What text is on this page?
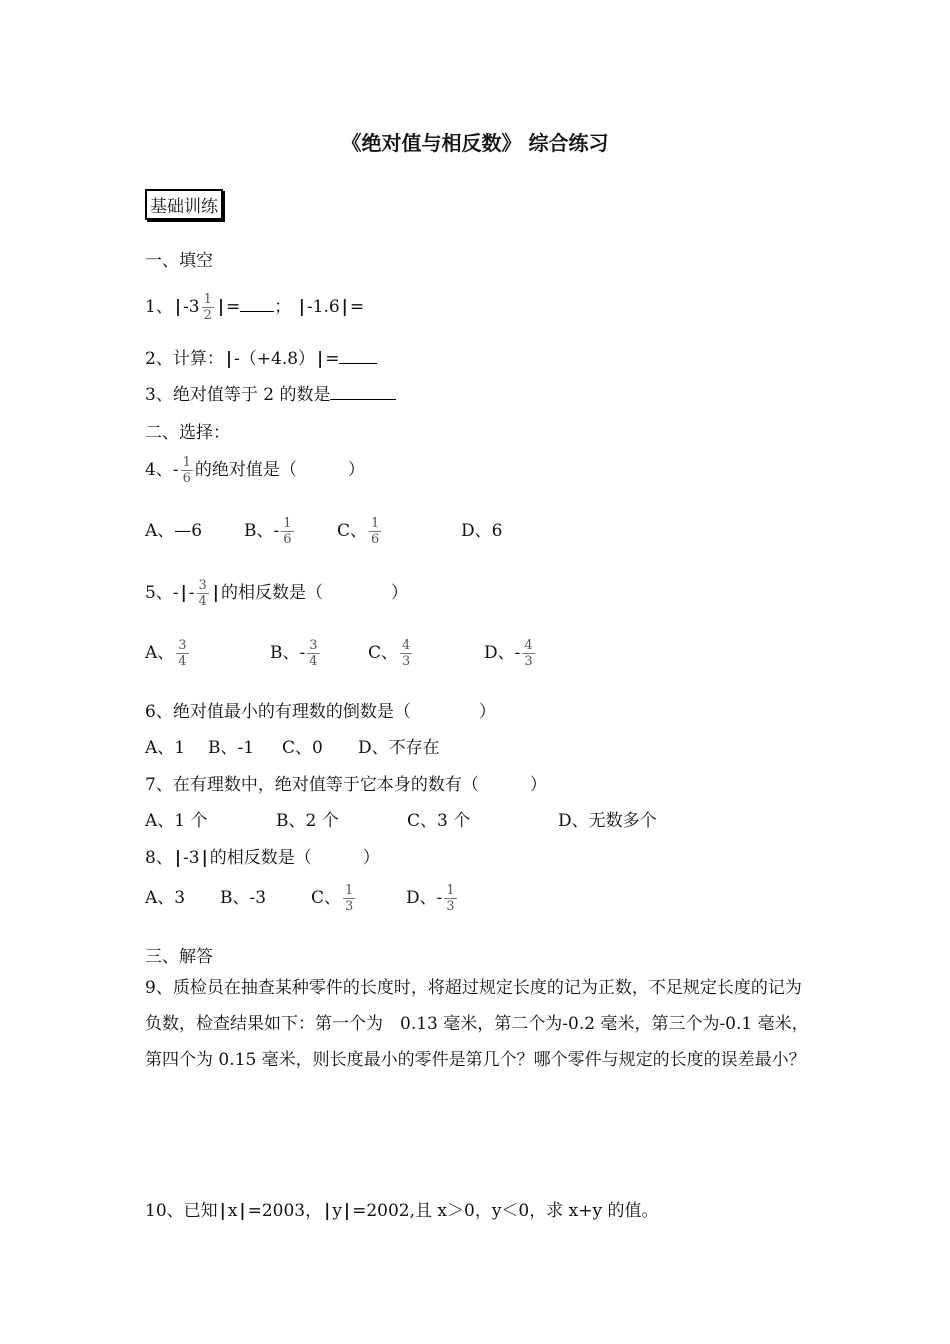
《绝对值与相反数》 综合练习
基础训练
一、填空
1、 | $-3 \frac{1}{2}$ | = ； | -1.6 | =
2、计算： | -（+4.8） | =
3、绝对值等于 2 的数是
二、选择：
4、- $\frac{1}{6}$ 的绝对值是（　　　）
A、—6 B、- $\frac{1}{6}$	C、 $\frac{1}{6}$	D、6
5、- | - $\frac{3}{4}$ | 的相反数是（　　　　）
A、 $\frac{3}{4}$	B、- $\frac{3}{4}$	C、 $\frac{4}{3}$	D、- $\frac{4}{3}$
6、绝对值最小的有理数的倒数是（　　　　）
A、1 B、-1 C、0 D、不存在
7、在有理数中，绝对值等于它本身的数有（　　　）
A、1 个	B、2 个	C、3 个	D、无数多个
8、 | -3 | 的相反数是（　　　）
A、3 B、-3	C、 $\frac{1}{3}$	D、- $\frac{1}{3}$
三、解答
9、质检员在抽查某种零件的长度时，将超过规定长度的记为正数，不足规定长度的记为负数，检查结果如下：第一个为　0.13 毫米，第二个为-0.2 毫米，第三个为-0.1 毫米，第四个为 0.15 毫米，则长度最小的零件是第几个？哪个零件与规定的长度的误差最小？
10、已知 | x | =2003， | y | =2002,且 x＞0，y＜0，求 x+y 的值。
